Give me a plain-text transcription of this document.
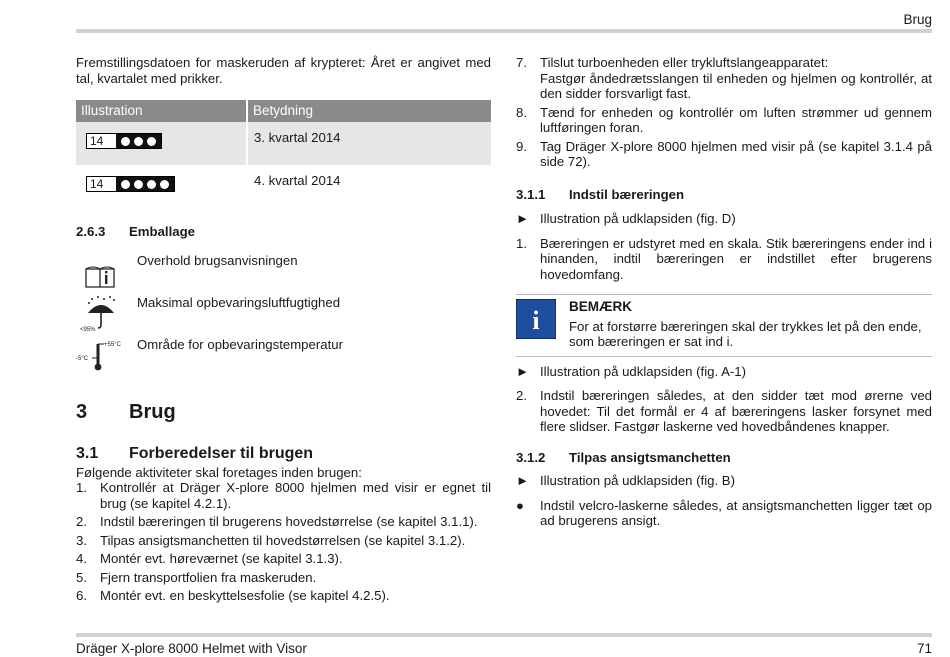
Brug
Dräger X-plore 8000 Helmet with Visor	71

Fremstillingsdatoen for maskeruden af krypteret: Året er angivet med tal, kvartalet med prikker.

Illustration	Betydning

14	3. kvartal 2014

14	4. kvartal 2014
2.6.3 Emballage
Overhold brugsanvisningen
<95%
Maksimal opbevaringsluftfugtighed
+55°C
-5°C
Område for opbevaringstemperatur
3 Brug
3.1 Forberedelser til brugen
Følgende aktiviteter skal foretages inden brugen:
1. Kontrollér at Dräger X-plore 8000 hjelmen med visir er egnet til brug (se kapitel 4.2.1).
2. Indstil bæreringen til brugerens hovedstørrelse (se kapitel 3.1.1).
3. Tilpas ansigtsmanchetten til hovedstørrelsen (se kapitel 3.1.2).
4. Montér evt. høreværnet (se kapitel 3.1.3).
5. Fjern transportfolien fra maskeruden.
6. Montér evt. en beskyttelsesfolie (se kapitel 4.2.5).
7. Tilslut turboenheden eller trykluftslangeapparatet:
Fastgør åndedrætsslangen til enheden og hjelmen og kontrollér, at den sidder forsvarligt fast.
8. Tænd for enheden og kontrollér om luften strømmer ud gennem luftføringen foran.
9. Tag Dräger X-plore 8000 hjelmen med visir på (se kapitel 3.1.4 på side 72).
3.1.1 Indstil bæreringen
► Illustration på udklapsiden (fig. D)
1. Bæreringen er udstyret med en skala. Stik bæreringens ender ind i hinanden, indtil bæreringen er indstillet efter brugerens hovedomfang.
i BEMÆRK
For at forstørre bæreringen skal der trykkes let på den ende, som bæreringen er sat ind i.
► Illustration på udklapsiden (fig. A-1)
2. Indstil bæreringen således, at den sidder tæt mod ørerne ved hovedet: Til det formål er 4 af bæreringens lasker forsynet med flere slidser. Fastgør laskerne ved hovedbåndenes knapper.
3.1.2 Tilpas ansigtsmanchetten
► Illustration på udklapsiden (fig. B)
● Indstil velcro-laskerne således, at ansigtsmanchetten ligger tæt op ad brugerens ansigt.
